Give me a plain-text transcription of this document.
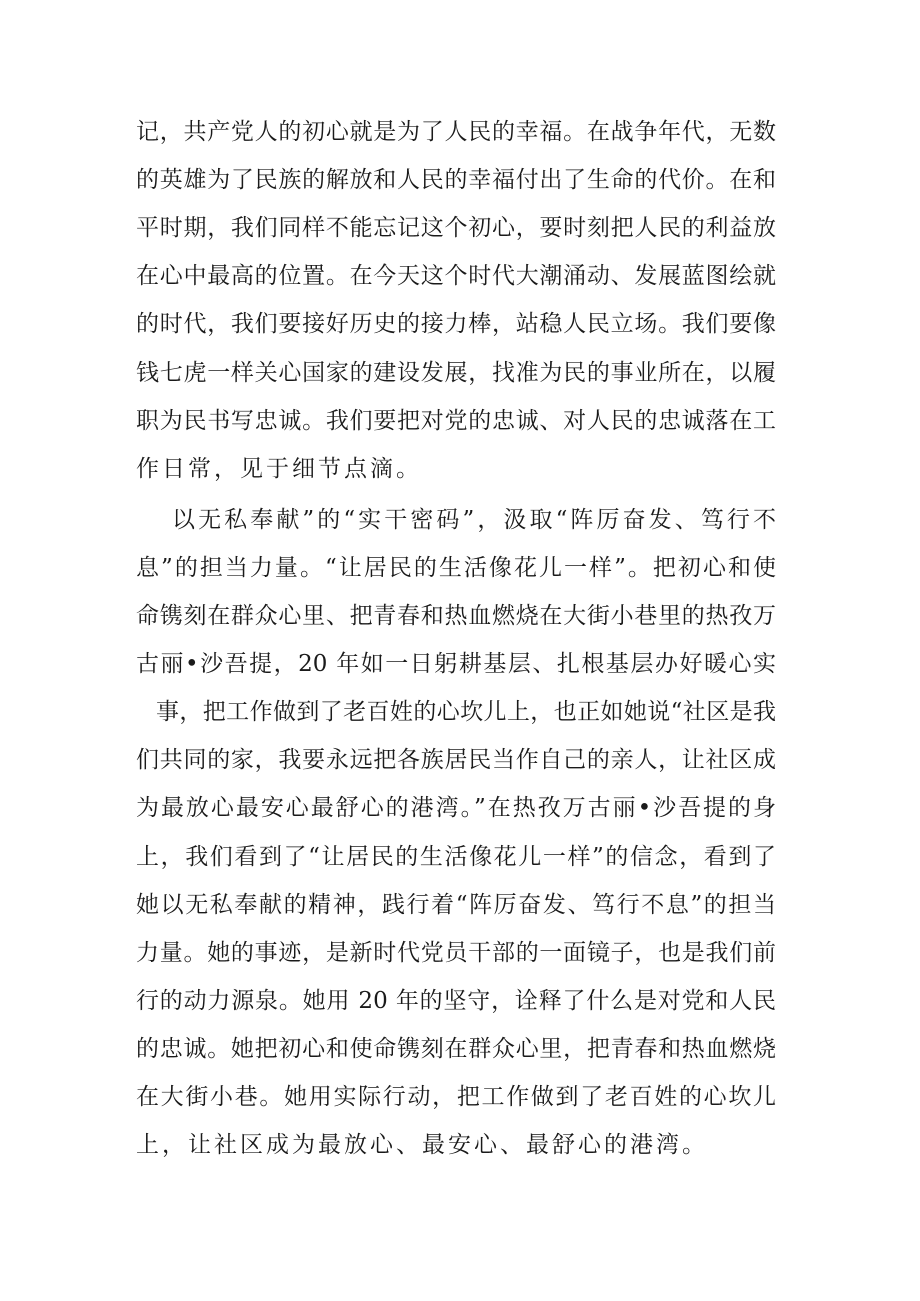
记，共产党人的初心就是为了人民的幸福。在战争年代，无数
的英雄为了民族的解放和人民的幸福付出了生命的代价。在和
平时期，我们同样不能忘记这个初心，要时刻把人民的利益放
在心中最高的位置。在今天这个时代大潮涌动、发展蓝图绘就
的时代，我们要接好历史的接力棒，站稳人民立场。我们要像
钱七虎一样关心国家的建设发展，找准为民的事业所在，以履
职为民书写忠诚。我们要把对党的忠诚、对人民的忠诚落在工
作日常，见于细节点滴。
以无私奉献”的“实干密码”，汲取“阵厉奋发、笃行不
息”的担当力量。“让居民的生活像花儿一样”。把初心和使
命镌刻在群众心里、把青春和热血燃烧在大街小巷里的热孜万
古丽•沙吾提，20 年如一日躬耕基层、扎根基层办好暖心实
事，把工作做到了老百姓的心坎儿上，也正如她说“社区是我
们共同的家，我要永远把各族居民当作自己的亲人，让社区成
为最放心最安心最舒心的港湾。”在热孜万古丽•沙吾提的身
上，我们看到了“让居民的生活像花儿一样”的信念，看到了
她以无私奉献的精神，践行着“阵厉奋发、笃行不息”的担当
力量。她的事迹，是新时代党员干部的一面镜子，也是我们前
行的动力源泉。她用 20 年的坚守，诠释了什么是对党和人民
的忠诚。她把初心和使命镌刻在群众心里，把青春和热血燃烧
在大街小巷。她用实际行动，把工作做到了老百姓的心坎儿
上，让社区成为最放心、最安心、最舒心的港湾。
